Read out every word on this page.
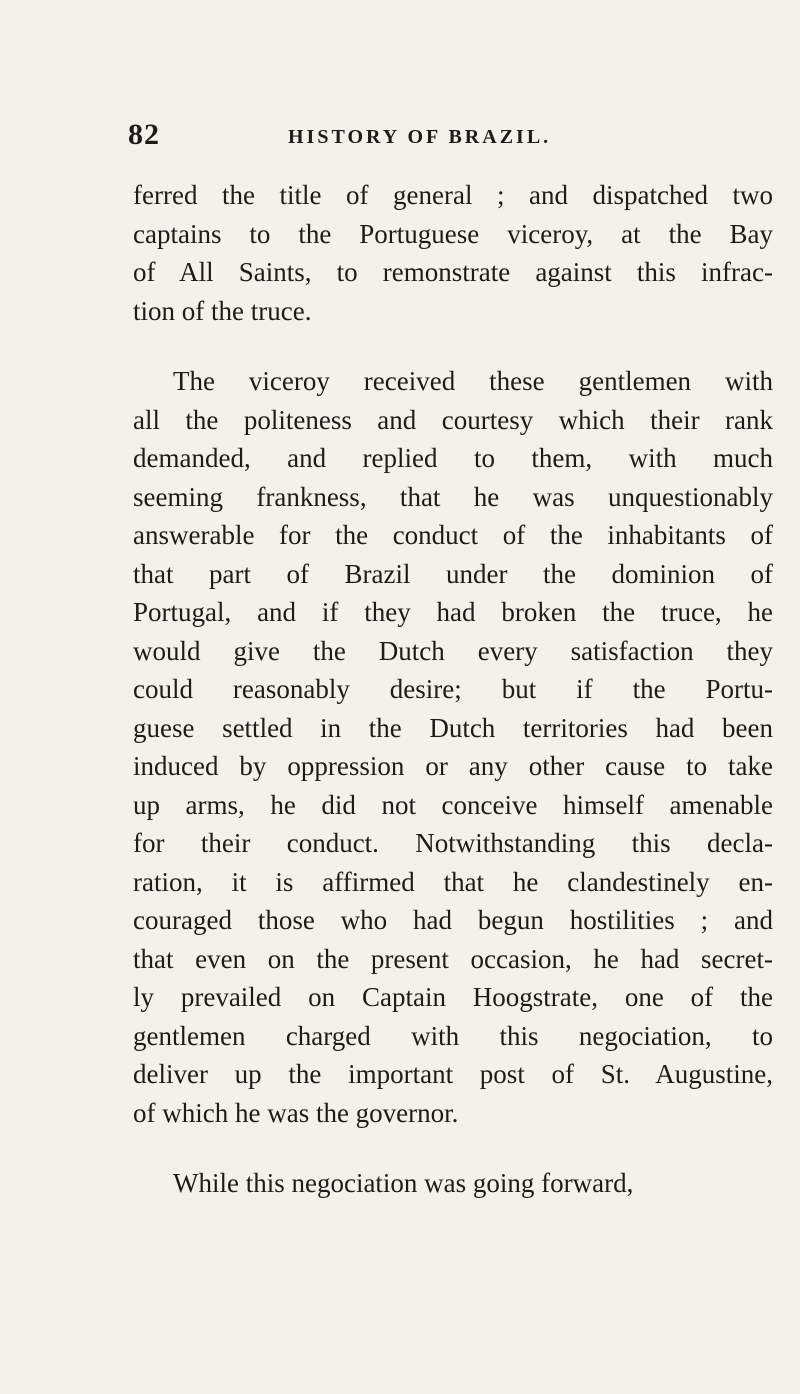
82	HISTORY OF BRAZIL.
ferred the title of general ; and dispatched two
captains to the Portuguese viceroy, at the Bay
of All Saints, to remonstrate against this infrac-
tion of the truce.
The viceroy received these gentlemen with
all the politeness and courtesy which their rank
demanded, and replied to them, with much
seeming frankness, that he was unquestionably
answerable for the conduct of the inhabitants of
that part of Brazil under the dominion of
Portugal, and if they had broken the truce, he
would give the Dutch every satisfaction they
could reasonably desire; but if the Portu-
guese settled in the Dutch territories had been
induced by oppression or any other cause to take
up arms, he did not conceive himself amenable
for their conduct. Notwithstanding this decla-
ration, it is affirmed that he clandestinely en-
couraged those who had begun hostilities ; and
that even on the present occasion, he had secret-
ly prevailed on Captain Hoogstrate, one of the
gentlemen charged with this negociation, to
deliver up the important post of St. Augustine,
of which he was the governor.
While this negociation was going forward,
